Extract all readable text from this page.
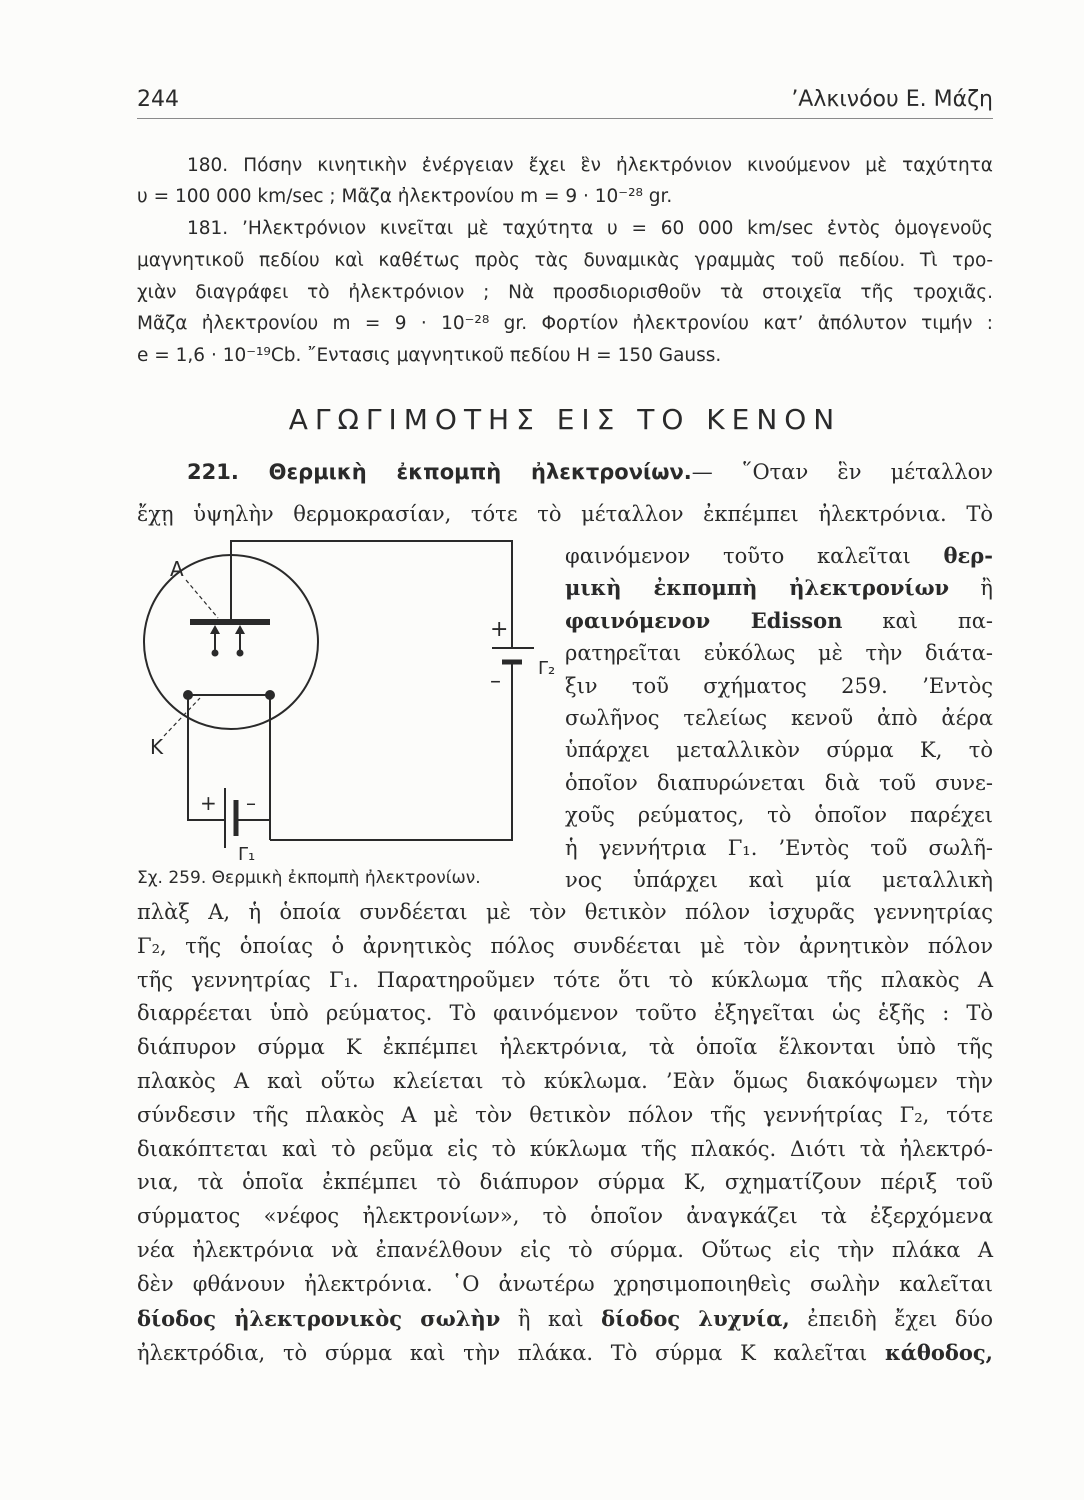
244	’Αλκινόου Ε. Μάζη
180. Πόσην κινητικὴν ἐνέργειαν ἔχει ἓν ἠλεκτρόνιον κινούμενον μὲ ταχύτητα
υ = 100 000 km/sec ; Μᾶζα ἠλεκτρονίου m = 9 · 10⁻²⁸ gr.
181. ’Ηλεκτρόνιον κινεῖται μὲ ταχύτητα υ = 60 000 km/sec ἐντὸς ὁμογενοῦς
μαγνητικοῦ πεδίου καὶ καθέτως πρὸς τὰς δυναμικὰς γραμμὰς τοῦ πεδίου. Τὶ τρο-
χιὰν διαγράφει τὸ ἠλεκτρόνιον ; Νὰ προσδιορισθοῦν τὰ στοιχεῖα τῆς τροχιᾶς.
Μᾶζα ἠλεκτρονίου m = 9 · 10⁻²⁸ gr. Φορτίον ἠλεκτρονίου κατ’ ἀπόλυτον τιμήν :
e = 1,6 · 10⁻¹⁹Cb. ῎Εντασις μαγνητικοῦ πεδίου H = 150 Gauss.
ΑΓΩΓΙΜΟΤΗΣ ΕΙΣ ΤΟ ΚΕΝΟΝ
221. Θερμικὴ ἐκπομπὴ ἠλεκτρονίων.— ῞Οταν ἓν μέταλλον
ἔχῃ ὑψηλὴν θερμοκρασίαν, τότε τὸ μέταλλον ἐκπέμπει ἠλεκτρόνια. Τὸ
φαινόμενον τοῦτο καλεῖται θερ-
μικὴ ἐκπομπὴ ἠλεκτρονίων ἢ
φαινόμενον Edisson καὶ πα-
ρατηρεῖται εὐκόλως μὲ τὴν διάτα-
ξιν τοῦ σχήματος 259. ’Εντὸς
σωλῆνος τελείως κενοῦ ἀπὸ ἀέρα
ὑπάρχει μεταλλικὸν σύρμα K, τὸ
ὁποῖον διαπυρώνεται διὰ τοῦ συνε-
χοῦς ρεύματος, τὸ ὁποῖον παρέχει
ἡ γεννήτρια Γ₁. ’Εντὸς τοῦ σωλῆ-
νος ὑπάρχει καὶ μία μεταλλικὴ
A
K
+
–
Γ₂
+ –
Γ₁
Σχ. 259. Θερμικὴ ἐκπομπὴ ἠλεκτρονίων.
πλὰξ Α, ἡ ὁποία συνδέεται μὲ τὸν θετικὸν πόλον ἰσχυρᾶς γεννητρίας
Γ₂, τῆς ὁποίας ὁ ἀρνητικὸς πόλος συνδέεται μὲ τὸν ἀρνητικὸν πόλον
τῆς γεννητρίας Γ₁. Παρατηροῦμεν τότε ὅτι τὸ κύκλωμα τῆς πλακὸς Α
διαρρέεται ὑπὸ ρεύματος. Τὸ φαινόμενον τοῦτο ἐξηγεῖται ὡς ἑξῆς : Τὸ
διάπυρον σύρμα K ἐκπέμπει ἠλεκτρόνια, τὰ ὁποῖα ἕλκονται ὑπὸ τῆς
πλακὸς Α καὶ οὕτω κλείεται τὸ κύκλωμα. ’Εὰν ὅμως διακόψωμεν τὴν
σύνδεσιν τῆς πλακὸς Α μὲ τὸν θετικὸν πόλον τῆς γεννήτρίας Γ₂, τότε
διακόπτεται καὶ τὸ ρεῦμα εἰς τὸ κύκλωμα τῆς πλακός. Διότι τὰ ἠλεκτρό-
νια, τὰ ὁποῖα ἐκπέμπει τὸ διάπυρον σύρμα K, σχηματίζουν πέριξ τοῦ
σύρματος «νέφος ἠλεκτρονίων», τὸ ὁποῖον ἀναγκάζει τὰ ἐξερχόμενα
νέα ἠλεκτρόνια νὰ ἐπανέλθουν εἰς τὸ σύρμα. Οὕτως εἰς τὴν πλάκα Α
δὲν φθάνουν ἠλεκτρόνια. ῾Ο ἀνωτέρω χρησιμοποιηθεὶς σωλὴν καλεῖται
δίοδος ἠλεκτρονικὸς σωλὴν ἢ καὶ δίοδος λυχνία, ἐπειδὴ ἔχει δύο
ἠλεκτρόδια, τὸ σύρμα καὶ τὴν πλάκα. Τὸ σύρμα K καλεῖται κάθοδος,
